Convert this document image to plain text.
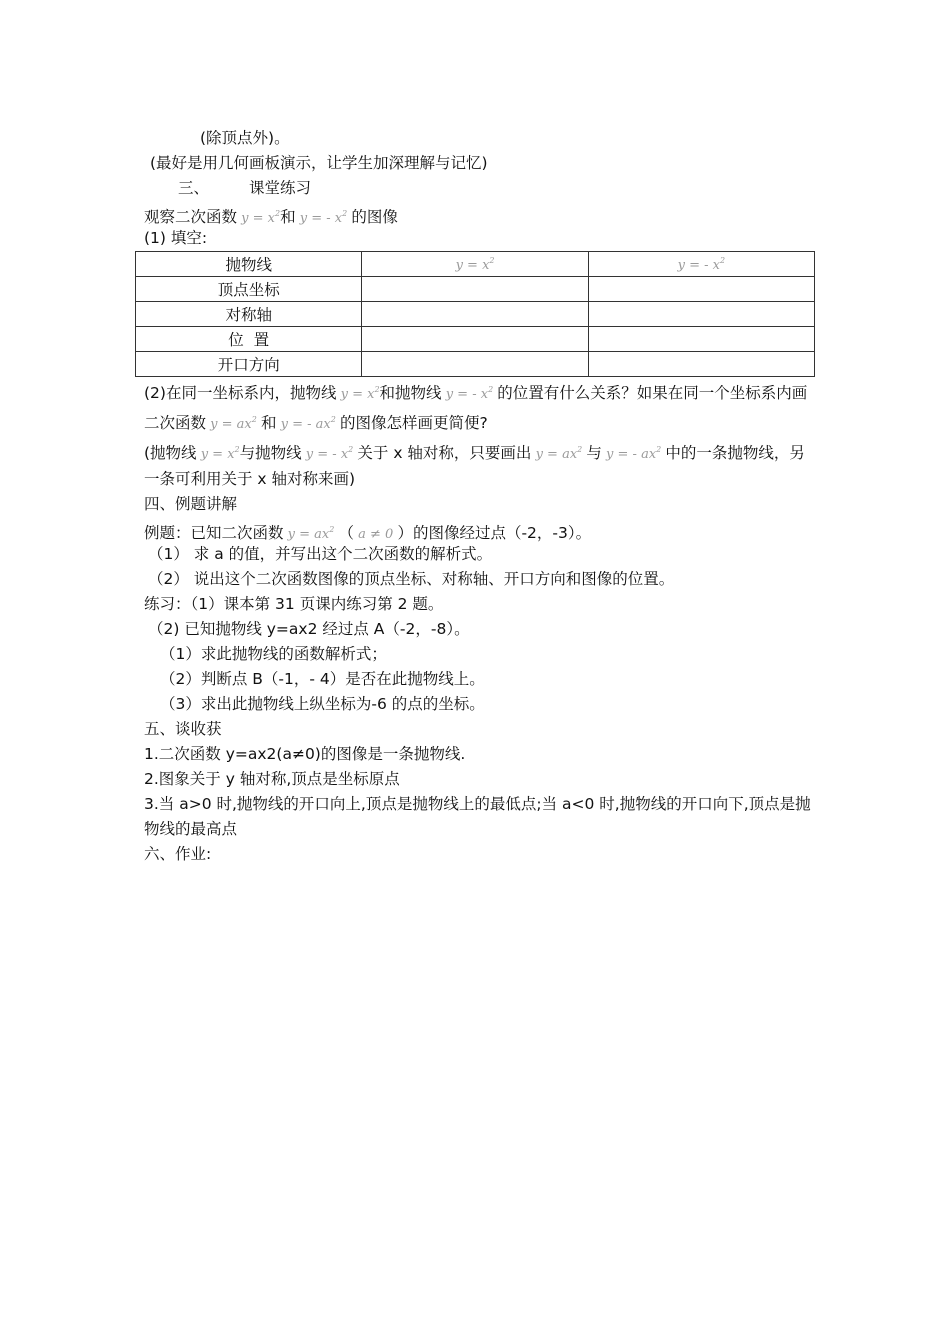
(除顶点外)。
(最好是用几何画板演示，让学生加深理解与记忆)
三、	课堂练习
观察二次函数 $y = x^2$和 y = - $x^2$ 的图像
(1) 填空:
抛物线	$y = x^2$	y = - $x^2$
顶点坐标		
对称轴		
位  置		
开口方向		
(2)在同一坐标系内，抛物线 $y = x^2$和抛物线 y = - $x^2$ 的位置有什么关系？如果在同一个坐标系内画二次函数 $y = ax^2$ 和 y = - $ax^2$ 的图像怎样画更简便?
(抛物线 $y = x^2$与抛物线 y = - $x^2$ 关于 x 轴对称，只要画出 $y = ax^2$ 与 y = - $ax^2$ 中的一条抛物线，另一条可利用关于 x 轴对称来画)
四、例题讲解
例题：已知二次函数 $y = ax^2$ （ a ≠ 0 ）的图像经过点（-2，-3）。
（1） 求 a 的值，并写出这个二次函数的解析式。
（2） 说出这个二次函数图像的顶点坐标、对称轴、开口方向和图像的位置。
练习：（1）课本第 31 页课内练习第 2 题。
（2) 已知抛物线 y=ax2 经过点 A（-2，-8）。
（1）求此抛物线的函数解析式；
（2）判断点 B（-1，- 4）是否在此抛物线上。
（3）求出此抛物线上纵坐标为-6 的点的坐标。
五、谈收获
1.二次函数 y=ax2(a≠0)的图像是一条抛物线.
2.图象关于 y 轴对称,顶点是坐标原点
3.当 a>0 时,抛物线的开口向上,顶点是抛物线上的最低点;当 a<0 时,抛物线的开口向下,顶点是抛物线的最高点
六、作业:
